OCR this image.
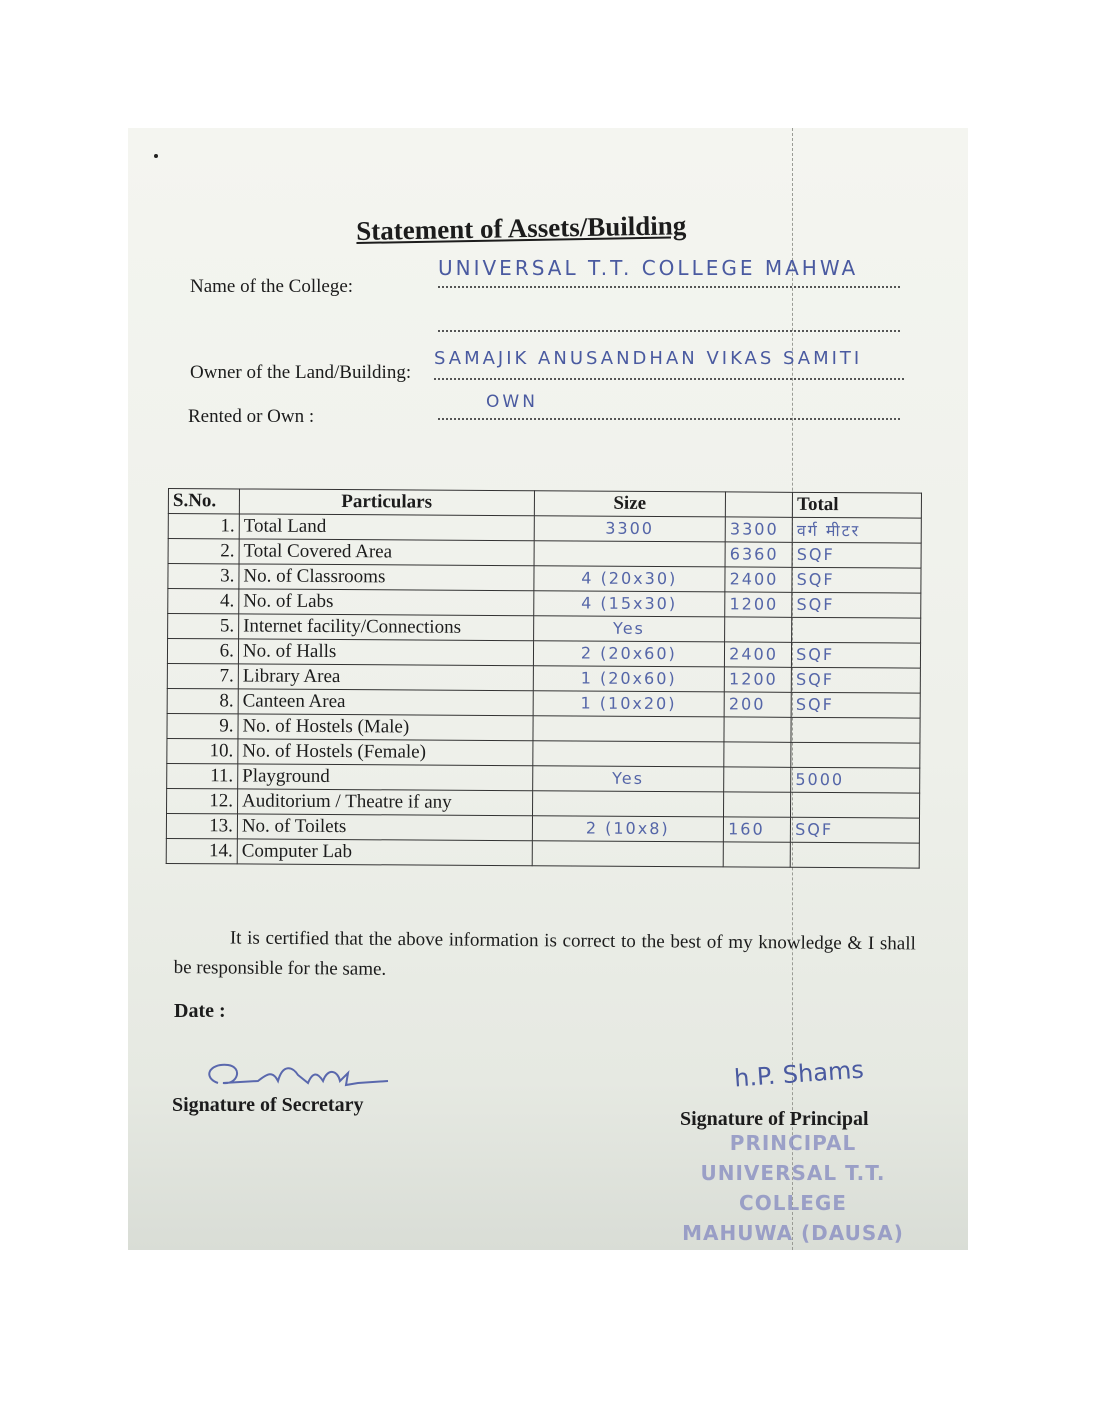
Statement of Assets/Building
Name of the College:
UNIVERSAL T.T. COLLEGE MAHWA
Owner of the Land/Building:
SAMAJIK ANUSANDHAN VIKAS SAMITI
Rented or Own :
$^{OWN}$
S.No.	Particulars	Size		Total
1.	Total Land	3300	3300	वर्ग मीटर
2.	Total Covered Area		6360	SQF
3.	No. of Classrooms	4 (20x30)	2400	SQF
4.	No. of Labs	4 (15x30)	1200	SQF
5.	Internet facility/Connections	Yes		
6.	No. of Halls	2 (20x60)	2400	SQF
7.	Library Area	1 (20x60)	1200	SQF
8.	Canteen Area	1 (10x20)	200	SQF
9.	No. of Hostels (Male)			
10.	No. of Hostels (Female)			
11.	Playground	Yes		5000
12.	Auditorium / Theatre if any			
13.	No. of Toilets	2 (10x8)	160	SQF
14.	Computer Lab			
It is certified that the above information is correct to the best of my knowledge & I shall be responsible for the same.
Date :
Signature of Secretary
h.P. Shams
Signature of Principal
PRINCIPAL
UNIVERSAL T.T. COLLEGE
MAHUWA (DAUSA)
